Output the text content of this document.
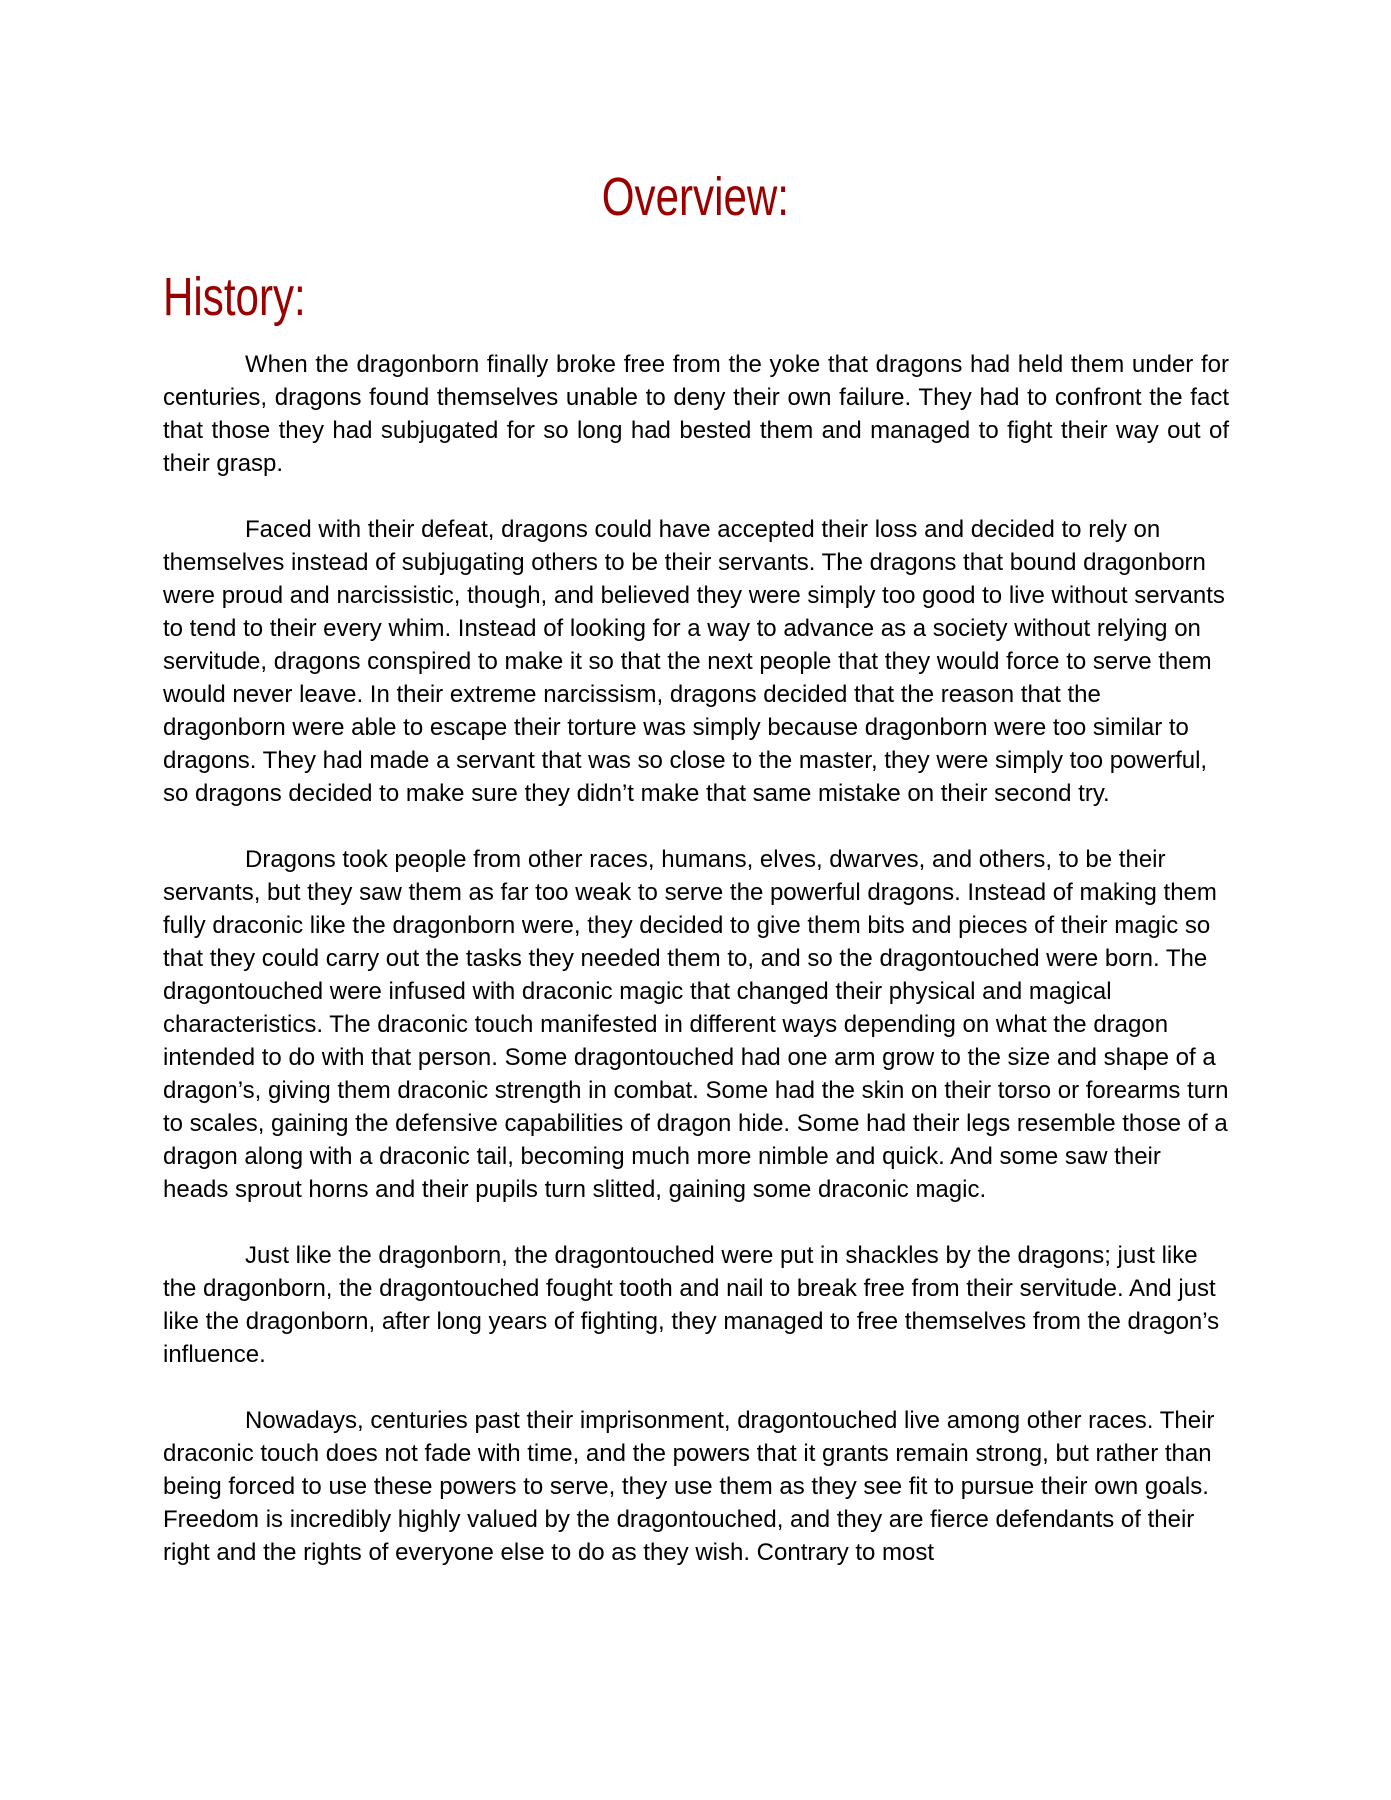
Overview:
History:

When the dragonborn finally broke free from the yoke that dragons had held them under for centuries, dragons found themselves unable to deny their own failure. They had to confront the fact that those they had subjugated for so long had bested them and managed to fight their way out of their grasp.

Faced with their defeat, dragons could have accepted their loss and decided to rely on themselves instead of subjugating others to be their servants. The dragons that bound dragonborn were proud and narcissistic, though, and believed they were simply too good to live without servants to tend to their every whim. Instead of looking for a way to advance as a society without relying on servitude, dragons conspired to make it so that the next people that they would force to serve them would never leave. In their extreme narcissism, dragons decided that the reason that the dragonborn were able to escape their torture was simply because dragonborn were too similar to dragons. They had made a servant that was so close to the master, they were simply too powerful, so dragons decided to make sure they didn’t make that same mistake on their second try.

Dragons took people from other races, humans, elves, dwarves, and others, to be their servants, but they saw them as far too weak to serve the powerful dragons. Instead of making them fully draconic like the dragonborn were, they decided to give them bits and pieces of their magic so that they could carry out the tasks they needed them to, and so the dragontouched were born. The dragontouched were infused with draconic magic that changed their physical and magical characteristics. The draconic touch manifested in different ways depending on what the dragon intended to do with that person. Some dragontouched had one arm grow to the size and shape of a dragon’s, giving them draconic strength in combat. Some had the skin on their torso or forearms turn to scales, gaining the defensive capabilities of dragon hide. Some had their legs resemble those of a dragon along with a draconic tail, becoming much more nimble and quick. And some saw their heads sprout horns and their pupils turn slitted, gaining some draconic magic.

Just like the dragonborn, the dragontouched were put in shackles by the dragons; just like the dragonborn, the dragontouched fought tooth and nail to break free from their servitude. And just like the dragonborn, after long years of fighting, they managed to free themselves from the dragon’s influence.

Nowadays, centuries past their imprisonment, dragontouched live among other races. Their draconic touch does not fade with time, and the powers that it grants remain strong, but rather than being forced to use these powers to serve, they use them as they see fit to pursue their own goals. Freedom is incredibly highly valued by the dragontouched, and they are fierce defendants of their right and the rights of everyone else to do as they wish. Contrary to most
